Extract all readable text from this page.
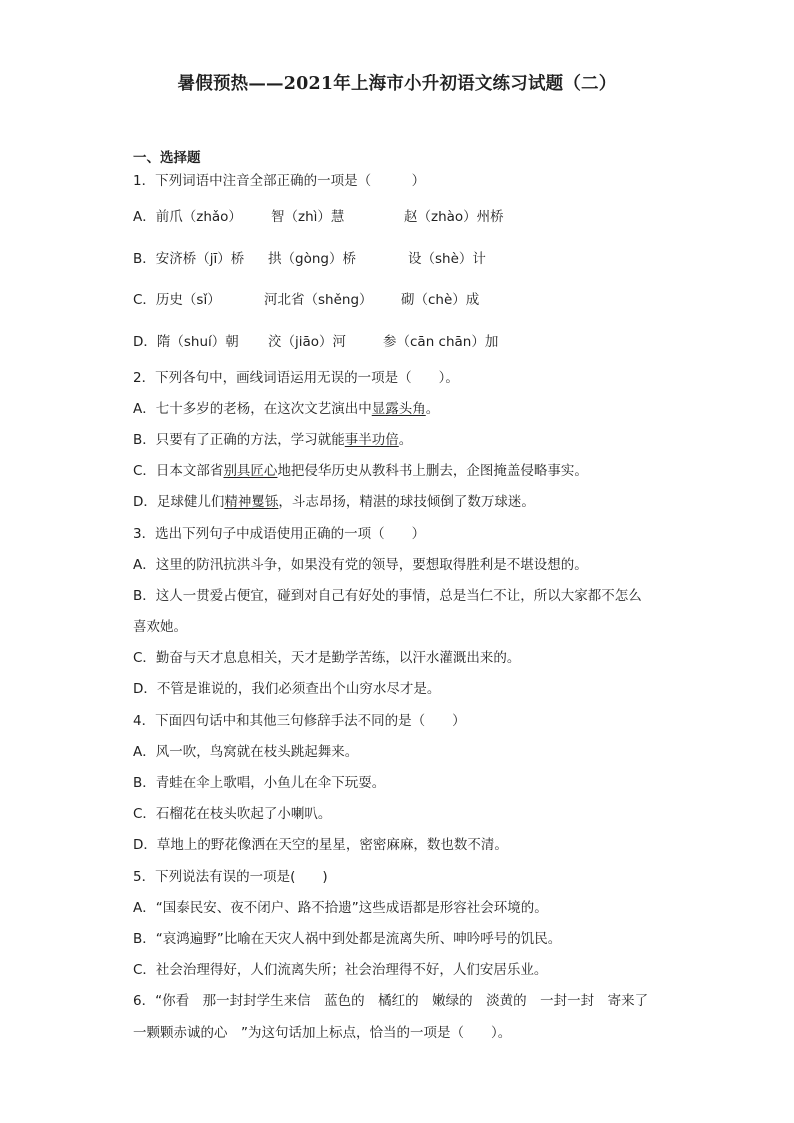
暑假预热——2021年上海市小升初语文练习试题（二）
一、选择题
1．下列词语中注音全部正确的一项是（　　　）
A．前爪（zhǎo） 智（zhì）慧	赵（zhào）州桥
B．安济桥（jī）桥 拱（gòng）桥	设（shè）计
C．历史（sǐ）	河北省（shěng） 砌（chè）成
D．隋（shuí）朝 洨（jiāo）河	参（cān chān）加
2．下列各句中，画线词语运用无误的一项是（　　）。
A．七十多岁的老杨，在这次文艺演出中显露头角。
B．只要有了正确的方法，学习就能事半功倍。
C．日本文部省别具匠心地把侵华历史从教科书上删去，企图掩盖侵略事实。
D．足球健儿们精神矍铄，斗志昂扬，精湛的球技倾倒了数万球迷。
3．选出下列句子中成语使用正确的一项（　　）
A．这里的防汛抗洪斗争，如果没有党的领导，要想取得胜利是不堪设想的。
B．这人一贯爱占便宜，碰到对自己有好处的事情，总是当仁不让，所以大家都不怎么
喜欢她。
C．勤奋与天才息息相关，天才是勤学苦练，以汗水灌溉出来的。
D．不管是谁说的，我们必须查出个山穷水尽才是。
4．下面四句话中和其他三句修辞手法不同的是（　　）
A．风一吹，鸟窝就在枝头跳起舞来。
B．青蛙在伞上歌唱，小鱼儿在伞下玩耍。
C．石榴花在枝头吹起了小喇叭。
D．草地上的野花像洒在天空的星星，密密麻麻，数也数不清。
5．下列说法有误的一项是(　　)
A．“国泰民安、夜不闭户、路不拾遗”这些成语都是形容社会环境的。
B．“哀鸿遍野”比喻在天灾人祸中到处都是流离失所、呻吟呼号的饥民。
C．社会治理得好，人们流离失所；社会治理得不好，人们安居乐业。
6．“你看　那一封封学生来信　蓝色的　橘红的　嫩绿的　淡黄的　一封一封　寄来了
一颗颗赤诚的心　”为这句话加上标点，恰当的一项是（　　）。
